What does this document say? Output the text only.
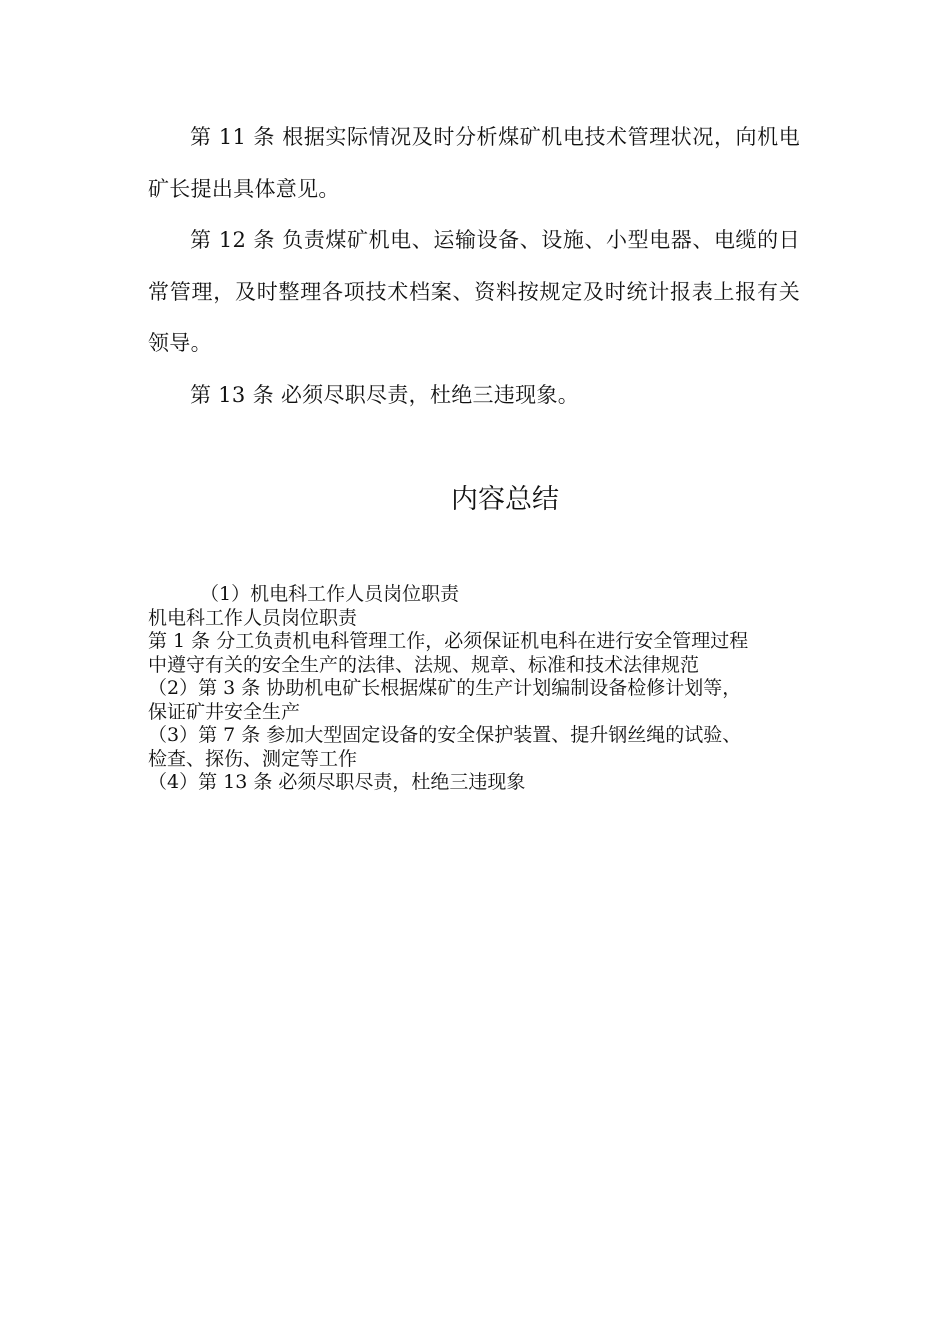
第 11 条 根据实际情况及时分析煤矿机电技术管理状况，向机电矿长提出具体意见。

第 12 条 负责煤矿机电、运输设备、设施、小型电器、电缆的日常管理，及时整理各项技术档案、资料按规定及时统计报表上报有关领导。

第 13 条 必须尽职尽责，杜绝三违现象。

内容总结
（1）机电科工作人员岗位职责
机电科工作人员岗位职责
第 1 条 分工负责机电科管理工作，必须保证机电科在进行安全管理过程
中遵守有关的安全生产的法律、法规、规章、标准和技术法律规范
（2）第 3 条 协助机电矿长根据煤矿的生产计划编制设备检修计划等，
保证矿井安全生产
（3）第 7 条 参加大型固定设备的安全保护装置、提升钢丝绳的试验、
检查、探伤、测定等工作
（4）第 13 条 必须尽职尽责，杜绝三违现象
